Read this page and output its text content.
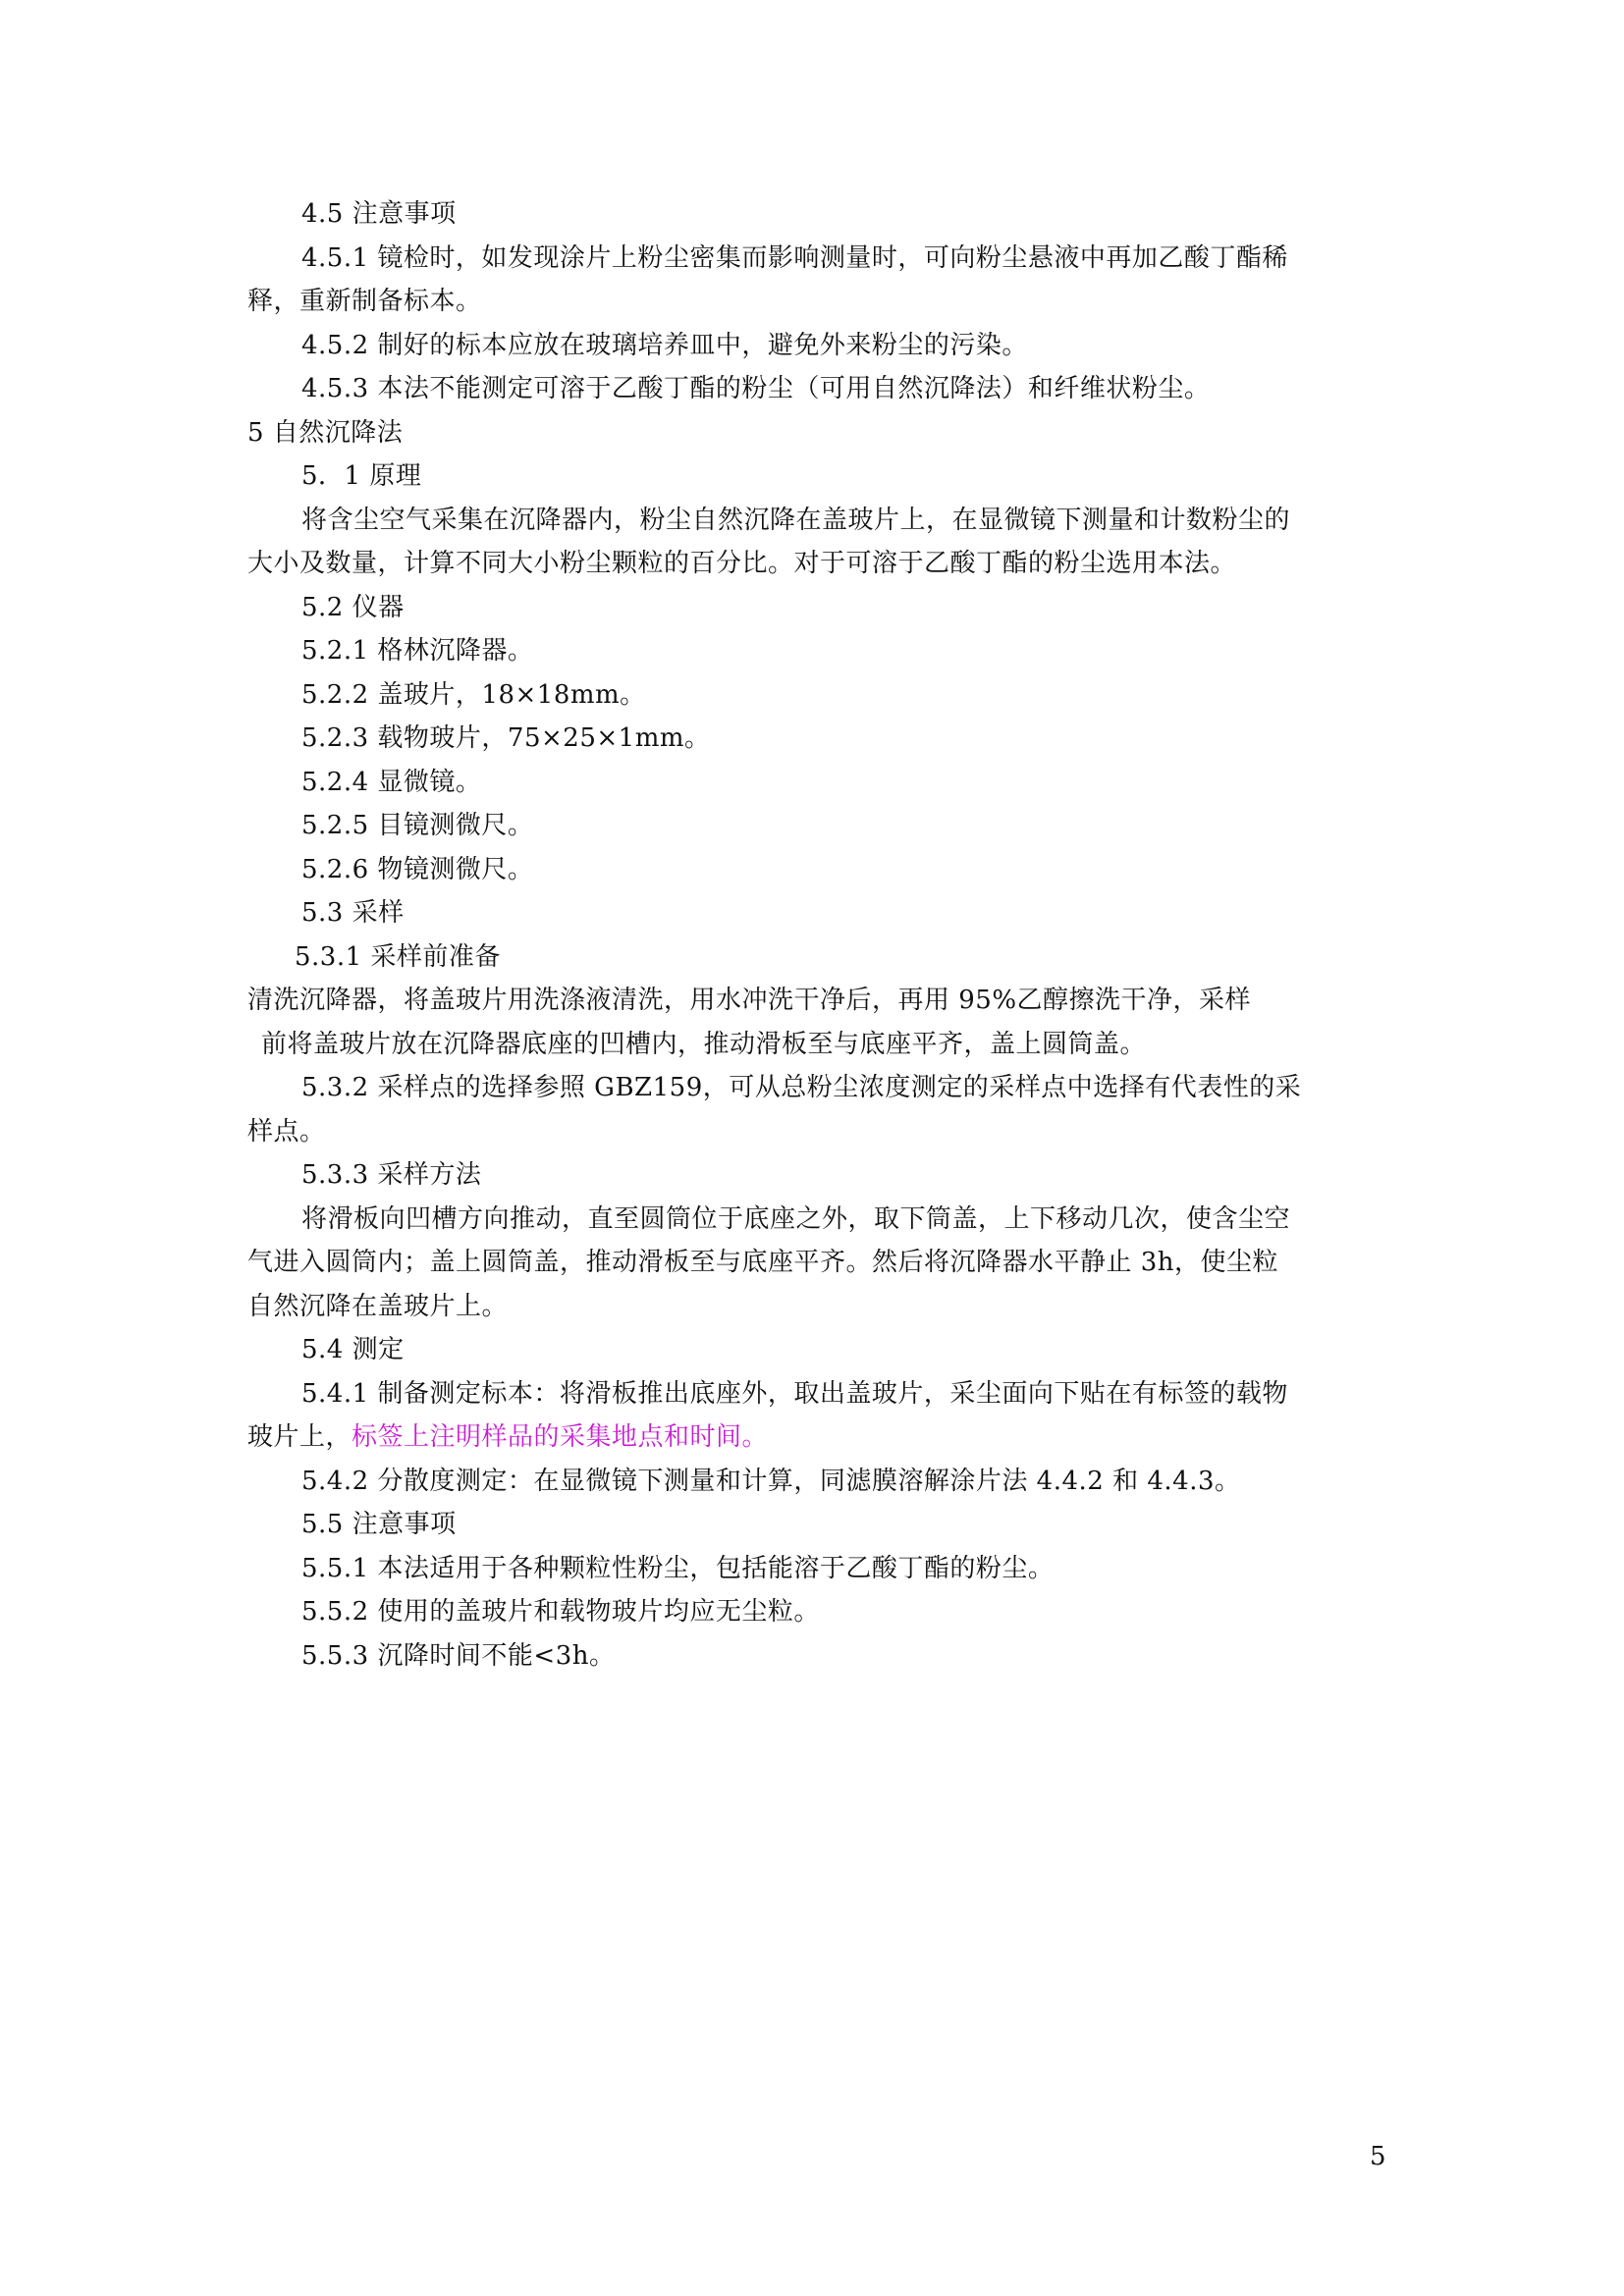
4.5 注意事项
4.5.1 镜检时，如发现涂片上粉尘密集而影响测量时，可向粉尘悬液中再加乙酸丁酯稀
释，重新制备标本。
4.5.2 制好的标本应放在玻璃培养皿中，避免外来粉尘的污染。
4.5.3 本法不能测定可溶于乙酸丁酯的粉尘（可用自然沉降法）和纤维状粉尘。
5 自然沉降法
5．1 原理
将含尘空气采集在沉降器内，粉尘自然沉降在盖玻片上，在显微镜下测量和计数粉尘的
大小及数量，计算不同大小粉尘颗粒的百分比。对于可溶于乙酸丁酯的粉尘选用本法。
5.2 仪器
5.2.1 格林沉降器。
5.2.2 盖玻片，18×18mm。
5.2.3 载物玻片，75×25×1mm。
5.2.4 显微镜。
5.2.5 目镜测微尺。
5.2.6 物镜测微尺。
5.3 采样
5.3.1 采样前准备
清洗沉降器，将盖玻片用洗涤液清洗，用水冲洗干净后，再用 95%乙醇擦洗干净，采样
前将盖玻片放在沉降器底座的凹槽内，推动滑板至与底座平齐，盖上圆筒盖。
5.3.2 采样点的选择参照 GBZ159，可从总粉尘浓度测定的采样点中选择有代表性的采
样点。
5.3.3 采样方法
将滑板向凹槽方向推动，直至圆筒位于底座之外，取下筒盖，上下移动几次，使含尘空
气进入圆筒内；盖上圆筒盖，推动滑板至与底座平齐。然后将沉降器水平静止 3h，使尘粒
自然沉降在盖玻片上。
5.4 测定
5.4.1 制备测定标本：将滑板推出底座外，取出盖玻片，采尘面向下贴在有标签的载物
玻片上，标签上注明样品的采集地点和时间。
5.4.2 分散度测定：在显微镜下测量和计算，同滤膜溶解涂片法 4.4.2 和 4.4.3。
5.5 注意事项
5.5.1 本法适用于各种颗粒性粉尘，包括能溶于乙酸丁酯的粉尘。
5.5.2 使用的盖玻片和载物玻片均应无尘粒。
5.5.3 沉降时间不能<3h。
5
